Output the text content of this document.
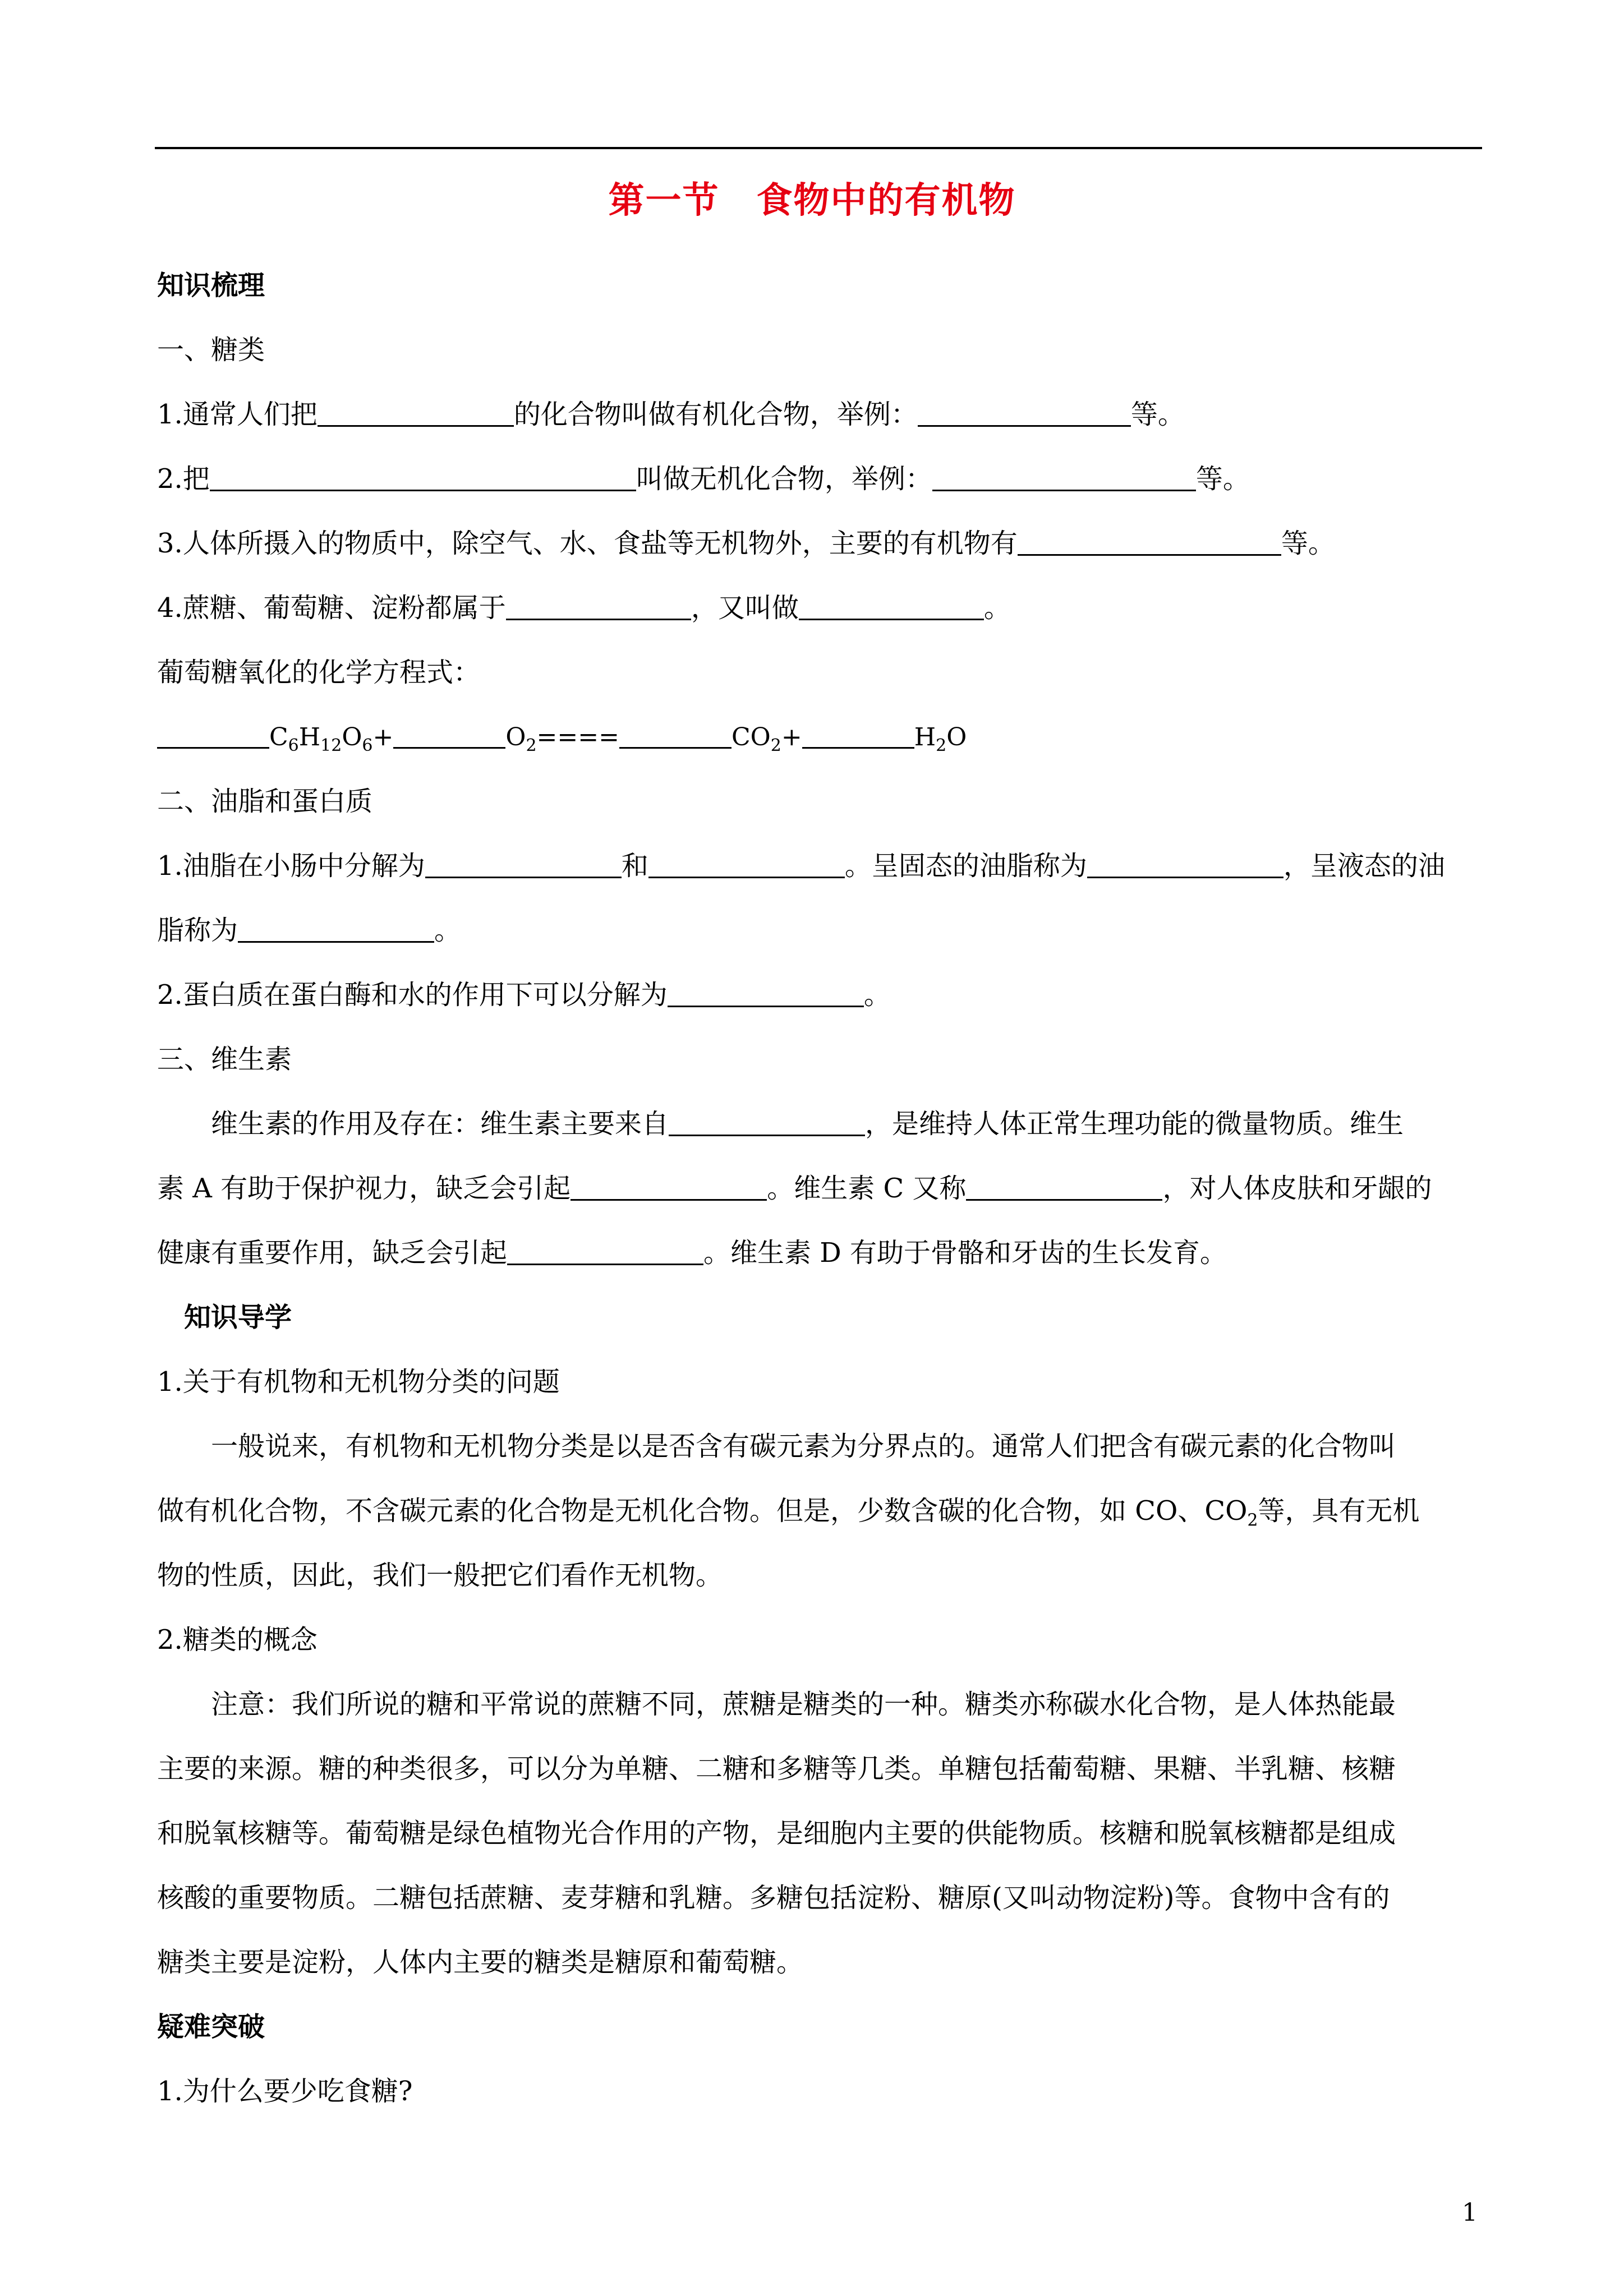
第一节　食物中的有机物
知识梳理
一、糖类
1.通常人们把	的化合物叫做有机化合物，举例：	等。
2.把	叫做无机化合物，举例：	等。
3.人体所摄入的物质中，除空气、水、食盐等无机物外，主要的有机物有	等。
4.蔗糖、葡萄糖、淀粉都属于	，又叫做	。
葡萄糖氧化的化学方程式：
$C_6H_{12}O_6+$	$O_2====$	$CO_2+$	$H_2O$
二、油脂和蛋白质
1.油脂在小肠中分解为	和	。呈固态的油脂称为	，呈液态的油
脂称为	。
2.蛋白质在蛋白酶和水的作用下可以分解为	。
三、维生素
维生素的作用及存在：维生素主要来自	，是维持人体正常生理功能的微量物质。维生
素 A 有助于保护视力，缺乏会引起	。维生素 C 又称	，对人体皮肤和牙龈的
健康有重要作用，缺乏会引起	。维生素 D 有助于骨骼和牙齿的生长发育。
知识导学
1.关于有机物和无机物分类的问题
一般说来，有机物和无机物分类是以是否含有碳元素为分界点的。通常人们把含有碳元素的化合物叫
做有机化合物，不含碳元素的化合物是无机化合物。但是，少数含碳的化合物，如 CO、$CO_2$等，具有无机
物的性质，因此，我们一般把它们看作无机物。
2.糖类的概念
注意：我们所说的糖和平常说的蔗糖不同，蔗糖是糖类的一种。糖类亦称碳水化合物，是人体热能最
主要的来源。糖的种类很多，可以分为单糖、二糖和多糖等几类。单糖包括葡萄糖、果糖、半乳糖、核糖
和脱氧核糖等。葡萄糖是绿色植物光合作用的产物，是细胞内主要的供能物质。核糖和脱氧核糖都是组成
核酸的重要物质。二糖包括蔗糖、麦芽糖和乳糖。多糖包括淀粉、糖原(又叫动物淀粉)等。食物中含有的
糖类主要是淀粉，人体内主要的糖类是糖原和葡萄糖。
疑难突破
1.为什么要少吃食糖?
1
